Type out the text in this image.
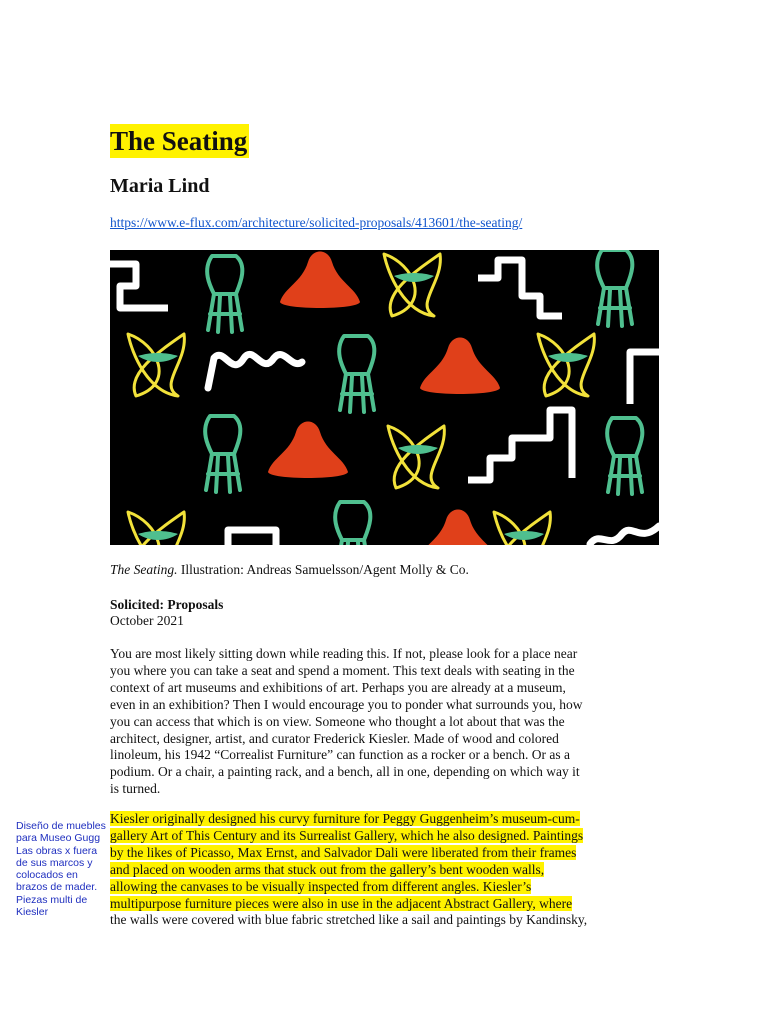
The Seating
Maria Lind
https://www.e-flux.com/architecture/solicited-proposals/413601/the-seating/
The Seating. Illustration: Andreas Samuelsson/Agent Molly & Co.
Solicited: Proposals
October 2021
You are most likely sitting down while reading this. If not, please look for a place near
you where you can take a seat and spend a moment. This text deals with seating in the
context of art museums and exhibitions of art. Perhaps you are already at a museum,
even in an exhibition? Then I would encourage you to ponder what surrounds you, how
you can access that which is on view. Someone who thought a lot about that was the
architect, designer, artist, and curator Frederick Kiesler. Made of wood and colored
linoleum, his 1942 “Correalist Furniture” can function as a rocker or a bench. Or as a
podium. Or a chair, a painting rack, and a bench, all in one, depending on which way it
is turned.
Kiesler originally designed his curvy furniture for Peggy Guggenheim’s museum-cum-
gallery Art of This Century and its Surrealist Gallery, which he also designed. Paintings
by the likes of Picasso, Max Ernst, and Salvador Dali were liberated from their frames
and placed on wooden arms that stuck out from the gallery’s bent wooden walls,
allowing the canvases to be visually inspected from different angles. Kiesler’s
multipurpose furniture pieces were also in use in the adjacent Abstract Gallery, where
the walls were covered with blue fabric stretched like a sail and paintings by Kandinsky,
Diseño de muebles
para Museo Gugg
Las obras x fuera
de sus marcos y
colocados en
brazos de mader.
Piezas multi de
Kiesler
